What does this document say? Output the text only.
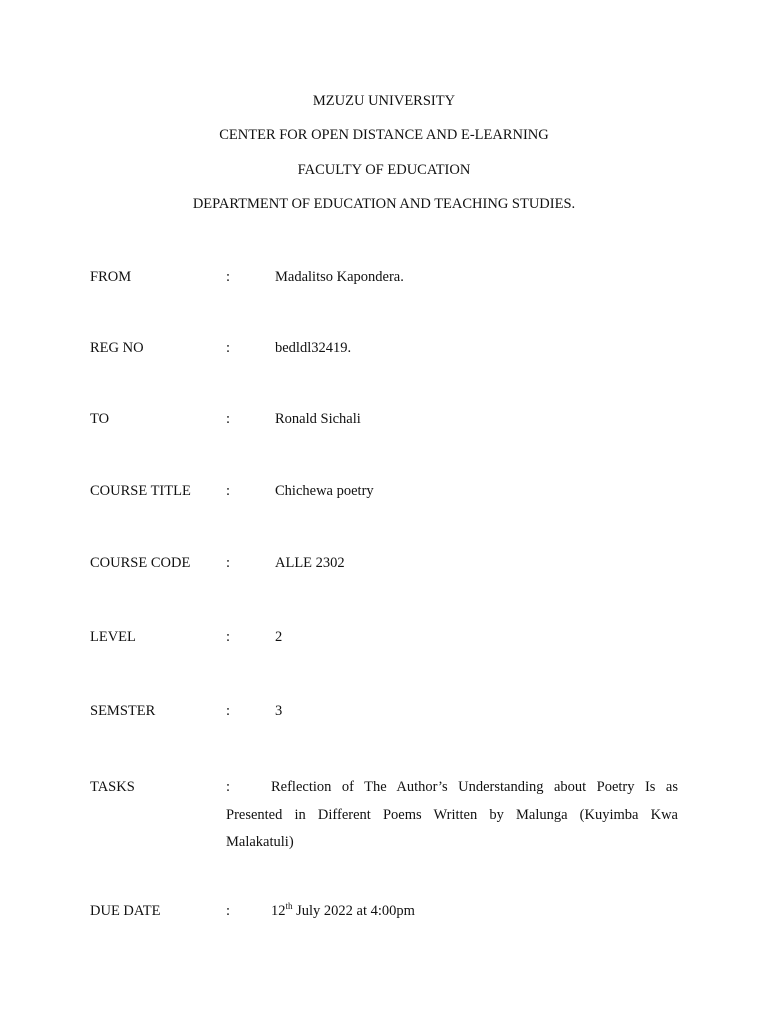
MZUZU UNIVERSITY
CENTER FOR OPEN DISTANCE AND E-LEARNING
FACULTY OF EDUCATION
DEPARTMENT OF EDUCATION AND TEACHING STUDIES.
FROM	:	Madalitso Kapondera.
REG NO	:	bedldl32419.
TO	:	Ronald Sichali
COURSE TITLE :	Chichewa poetry
COURSE CODE :	ALLE 2302
LEVEL	:	2
SEMSTER	:	3
TASKS	:	Reflection of The Author’s Understanding about Poetry Is as Presented in Different Poems Written by Malunga (Kuyimba Kwa Malakatuli)
DUE DATE	:	12th July 2022 at 4:00pm
